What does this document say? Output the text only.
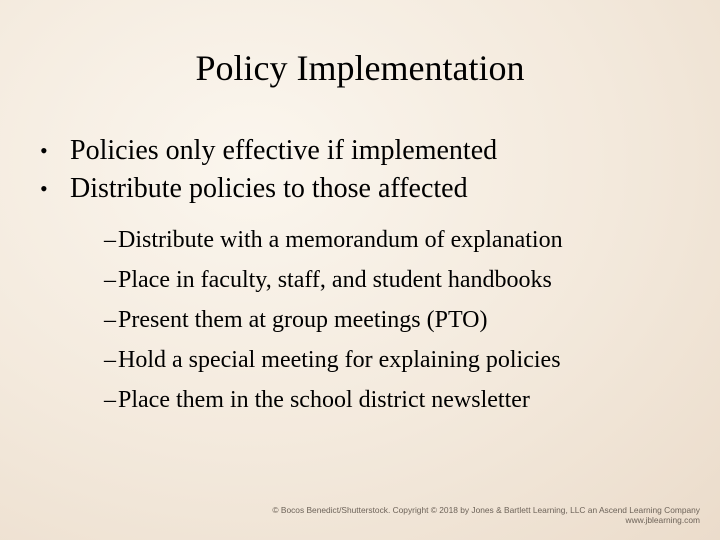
Policy Implementation
• Policies only effective if implemented
• Distribute policies to those affected
–Distribute with a memorandum of explanation
–Place in faculty, staff, and student handbooks
–Present them at group meetings (PTO)
–Hold a special meeting for explaining policies
–Place them in the school district newsletter
© Bocos Benedict/Shutterstock. Copyright © 2018 by Jones & Bartlett Learning, LLC an Ascend Learning Company
www.jblearning.com
